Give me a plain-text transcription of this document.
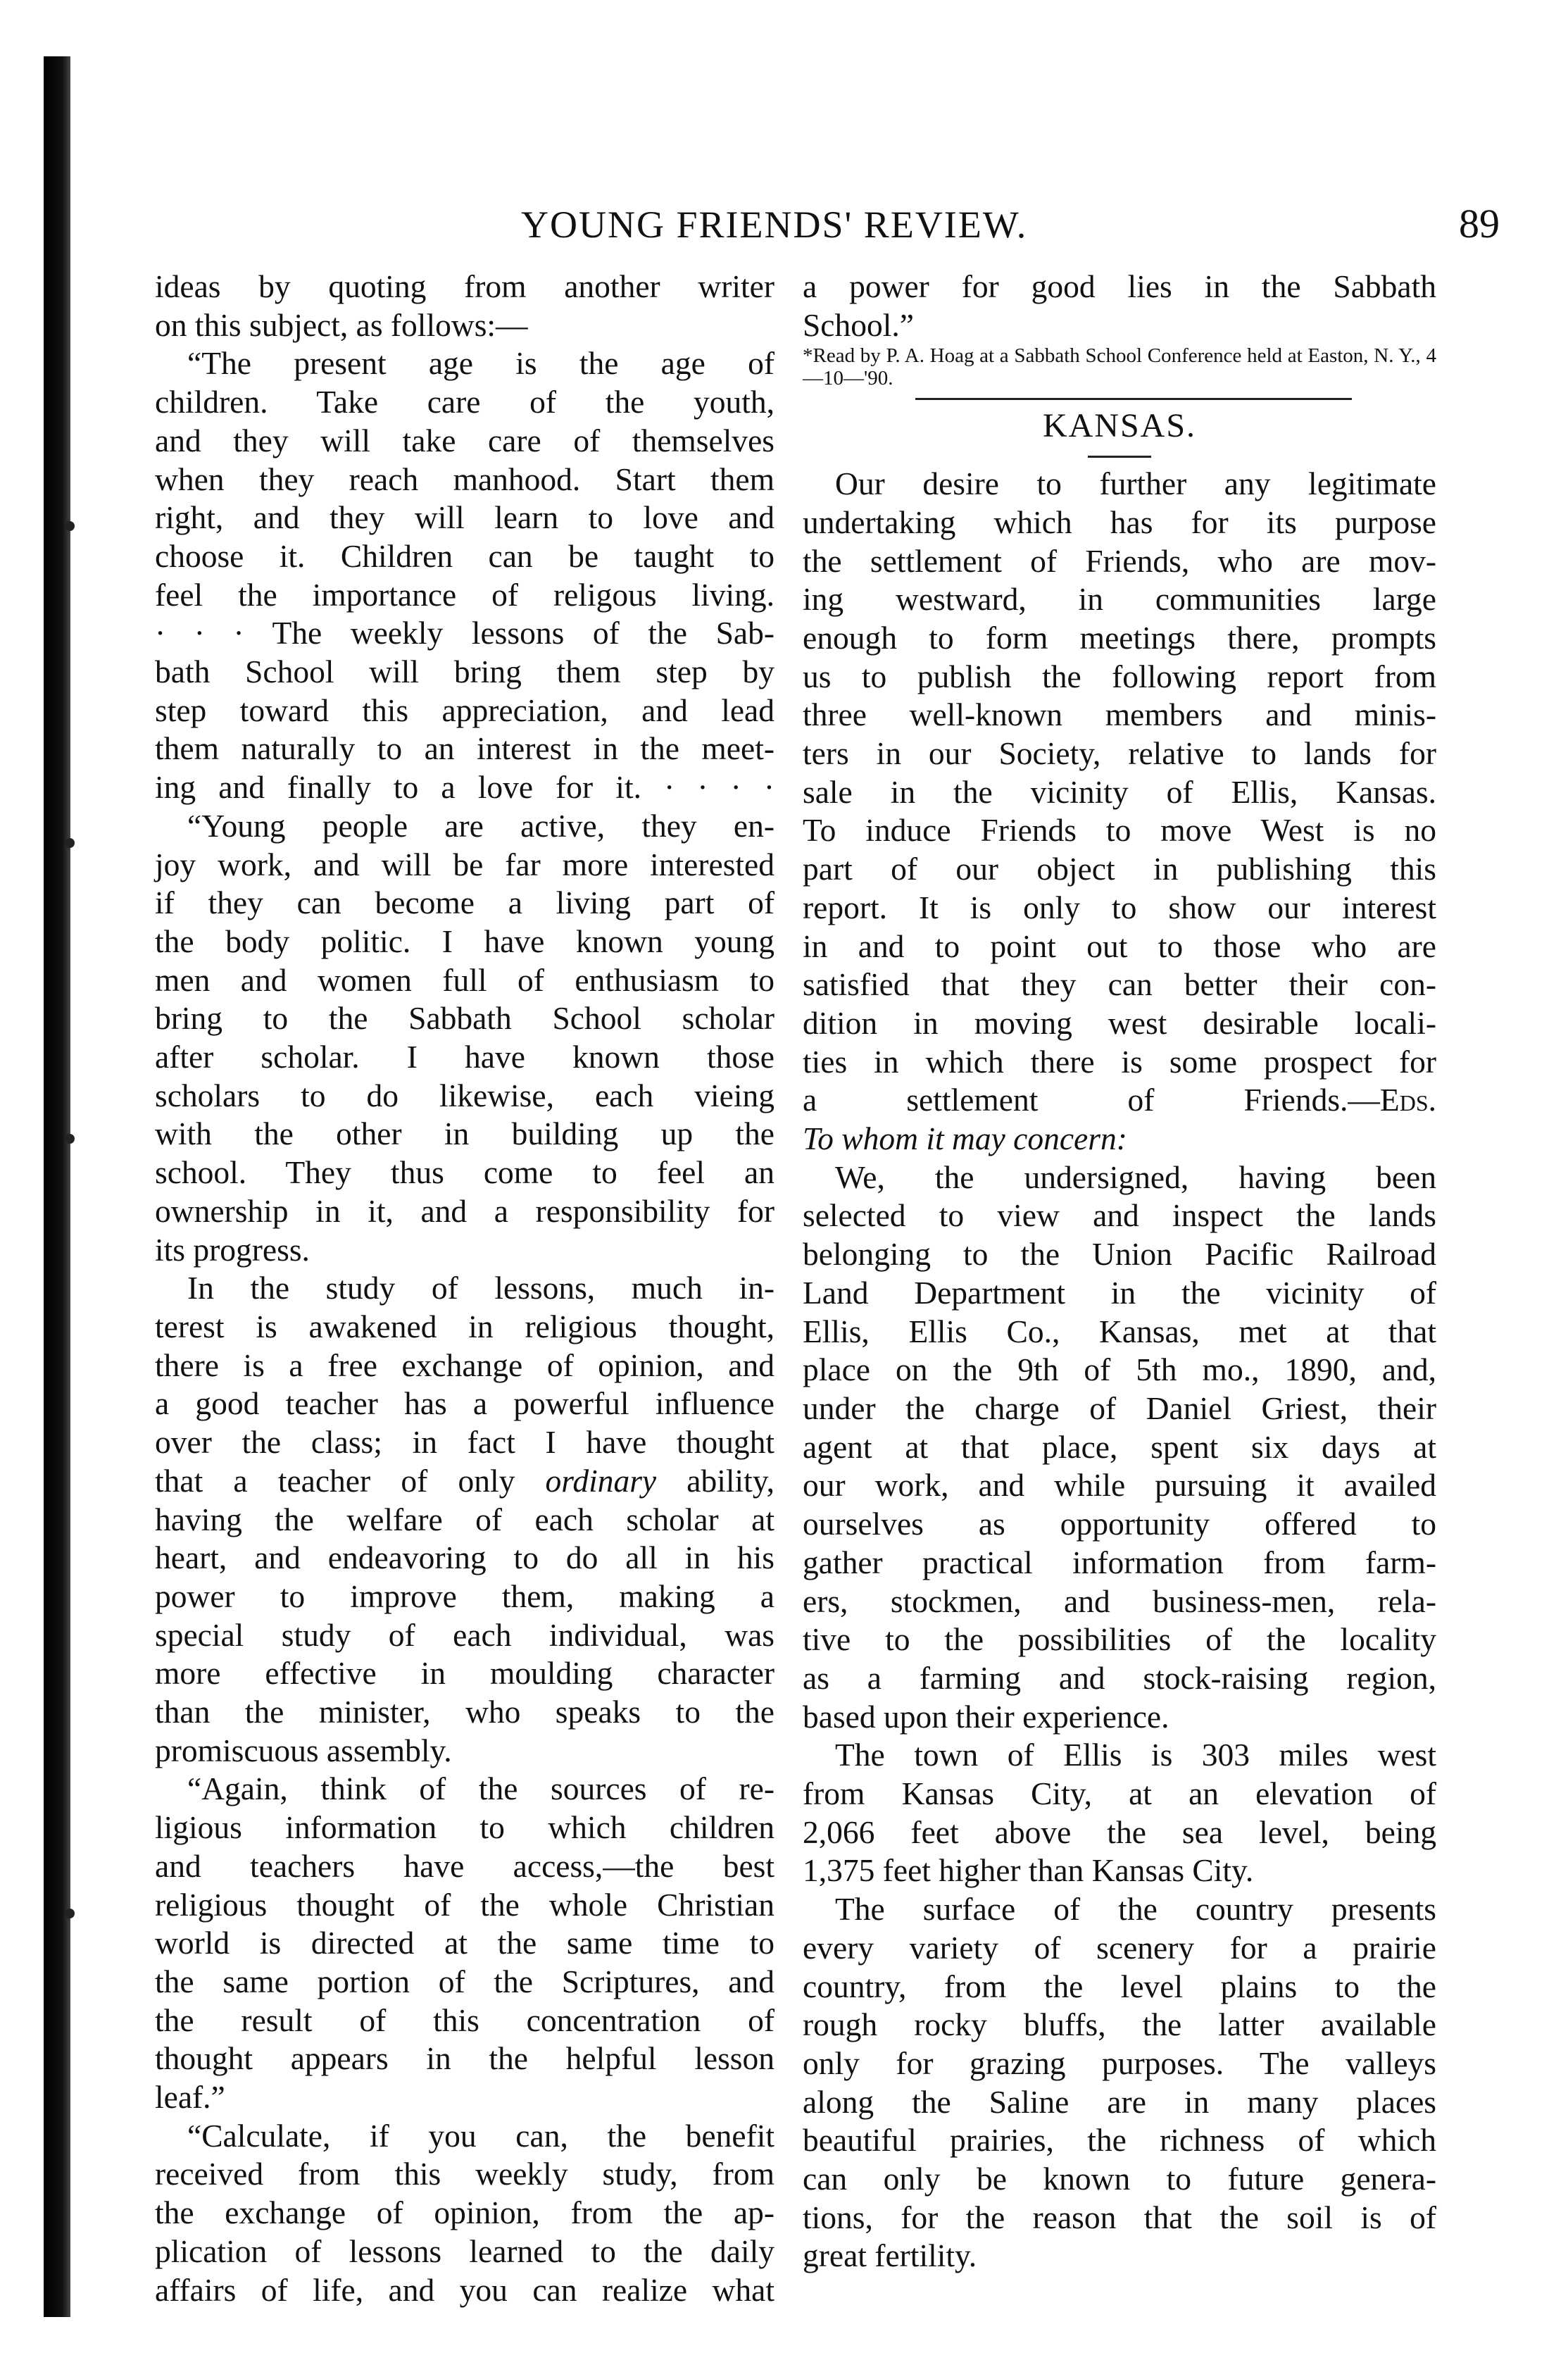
YOUNG FRIENDS' REVIEW.	89

ideas by quoting from another writer

on this subject, as follows:—

“The present age is the age of

children. Take care of the youth,

and they will take care of themselves

when they reach manhood. Start them

right, and they will learn to love and

choose it. Children can be taught to

feel the importance of religous living.

· · · The weekly lessons of the Sab-

bath School will bring them step by

step toward this appreciation, and lead

them naturally to an interest in the meet-

ing and finally to a love for it. · · · ·

“Young people are active, they en-

joy work, and will be far more interested

if they can become a living part of

the body politic. I have known young

men and women full of enthusiasm to

bring to the Sabbath School scholar

after scholar. I have known those

scholars to do likewise, each vieing

with the other in building up the

school. They thus come to feel an

ownership in it, and a responsibility for

its progress.

In the study of lessons, much in-

terest is awakened in religious thought,

there is a free exchange of opinion, and

a good teacher has a powerful influence

over the class; in fact I have thought

that a teacher of only ordinary ability,

having the welfare of each scholar at

heart, and endeavoring to do all in his

power to improve them, making a

special study of each individual, was

more effective in moulding character

than the minister, who speaks to the

promiscuous assembly.

“Again, think of the sources of re-

ligious information to which children

and teachers have access,—the best

religious thought of the whole Christian

world is directed at the same time to

the same portion of the Scriptures, and

the result of this concentration of

thought appears in the helpful lesson

leaf.”

“Calculate, if you can, the benefit

received from this weekly study, from

the exchange of opinion, from the ap-

plication of lessons learned to the daily

affairs of life, and you can realize what

a power for good lies in the Sabbath

School.”

*Read by P. A. Hoag at a Sabbath School Conference held at Easton, N. Y., 4—10—'90.

KANSAS.

Our desire to further any legitimate

undertaking which has for its purpose

the settlement of Friends, who are mov-

ing westward, in communities large

enough to form meetings there, prompts

us to publish the following report from

three well-known members and minis-

ters in our Society, relative to lands for

sale in the vicinity of Ellis, Kansas.

To induce Friends to move West is no

part of our object in publishing this

report. It is only to show our interest

in and to point out to those who are

satisfied that they can better their con-

dition in moving west desirable locali-

ties in which there is some prospect for

a settlement of Friends.—Eds.

To whom it may concern:

We, the undersigned, having been

selected to view and inspect the lands

belonging to the Union Pacific Railroad

Land Department in the vicinity of

Ellis, Ellis Co., Kansas, met at that

place on the 9th of 5th mo., 1890, and,

under the charge of Daniel Griest, their

agent at that place, spent six days at

our work, and while pursuing it availed

ourselves as opportunity offered to

gather practical information from farm-

ers, stockmen, and business-men, rela-

tive to the possibilities of the locality

as a farming and stock-raising region,

based upon their experience.

The town of Ellis is 303 miles west

from Kansas City, at an elevation of

2,066 feet above the sea level, being

1,375 feet higher than Kansas City.

The surface of the country presents

every variety of scenery for a prairie

country, from the level plains to the

rough rocky bluffs, the latter available

only for grazing purposes. The valleys

along the Saline are in many places

beautiful prairies, the richness of which

can only be known to future genera-

tions, for the reason that the soil is of

great fertility.
